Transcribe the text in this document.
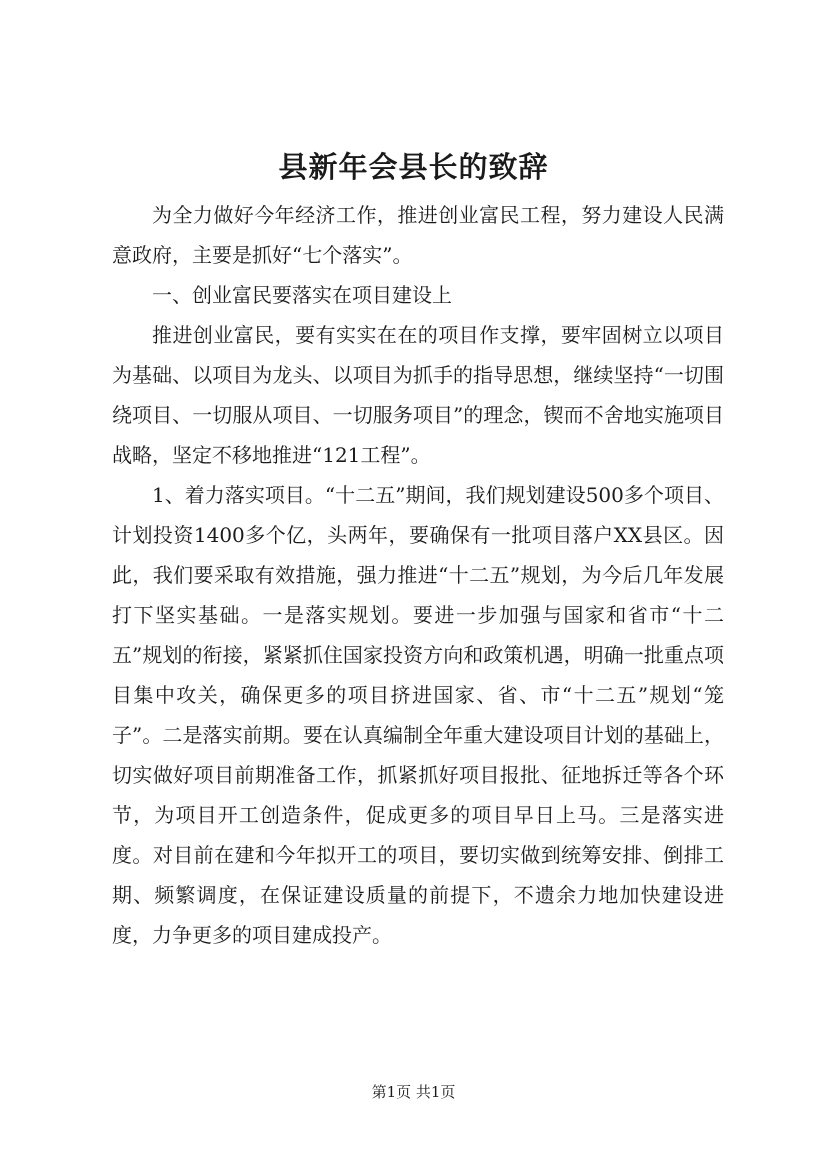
县新年会县长的致辞

为全力做好今年经济工作，推进创业富民工程，努力建设人民满意政府，主要是抓好“七个落实”。

一、创业富民要落实在项目建设上

推进创业富民，要有实实在在的项目作支撑，要牢固树立以项目为基础、以项目为龙头、以项目为抓手的指导思想，继续坚持“一切围绕项目、一切服从项目、一切服务项目”的理念，锲而不舍地实施项目战略，坚定不移地推进“121工程”。

1、着力落实项目。“十二五”期间，我们规划建设500多个项目、计划投资1400多个亿，头两年，要确保有一批项目落户XX县区。因此，我们要采取有效措施，强力推进“十二五”规划，为今后几年发展打下坚实基础。一是落实规划。要进一步加强与国家和省市“十二五”规划的衔接，紧紧抓住国家投资方向和政策机遇，明确一批重点项目集中攻关，确保更多的项目挤进国家、省、市“十二五”规划“笼子”。二是落实前期。要在认真编制全年重大建设项目计划的基础上，切实做好项目前期准备工作，抓紧抓好项目报批、征地拆迁等各个环节，为项目开工创造条件，促成更多的项目早日上马。三是落实进度。对目前在建和今年拟开工的项目，要切实做到统筹安排、倒排工期、频繁调度，在保证建设质量的前提下，不遗余力地加快建设进度，力争更多的项目建成投产。

第1页 共1页
